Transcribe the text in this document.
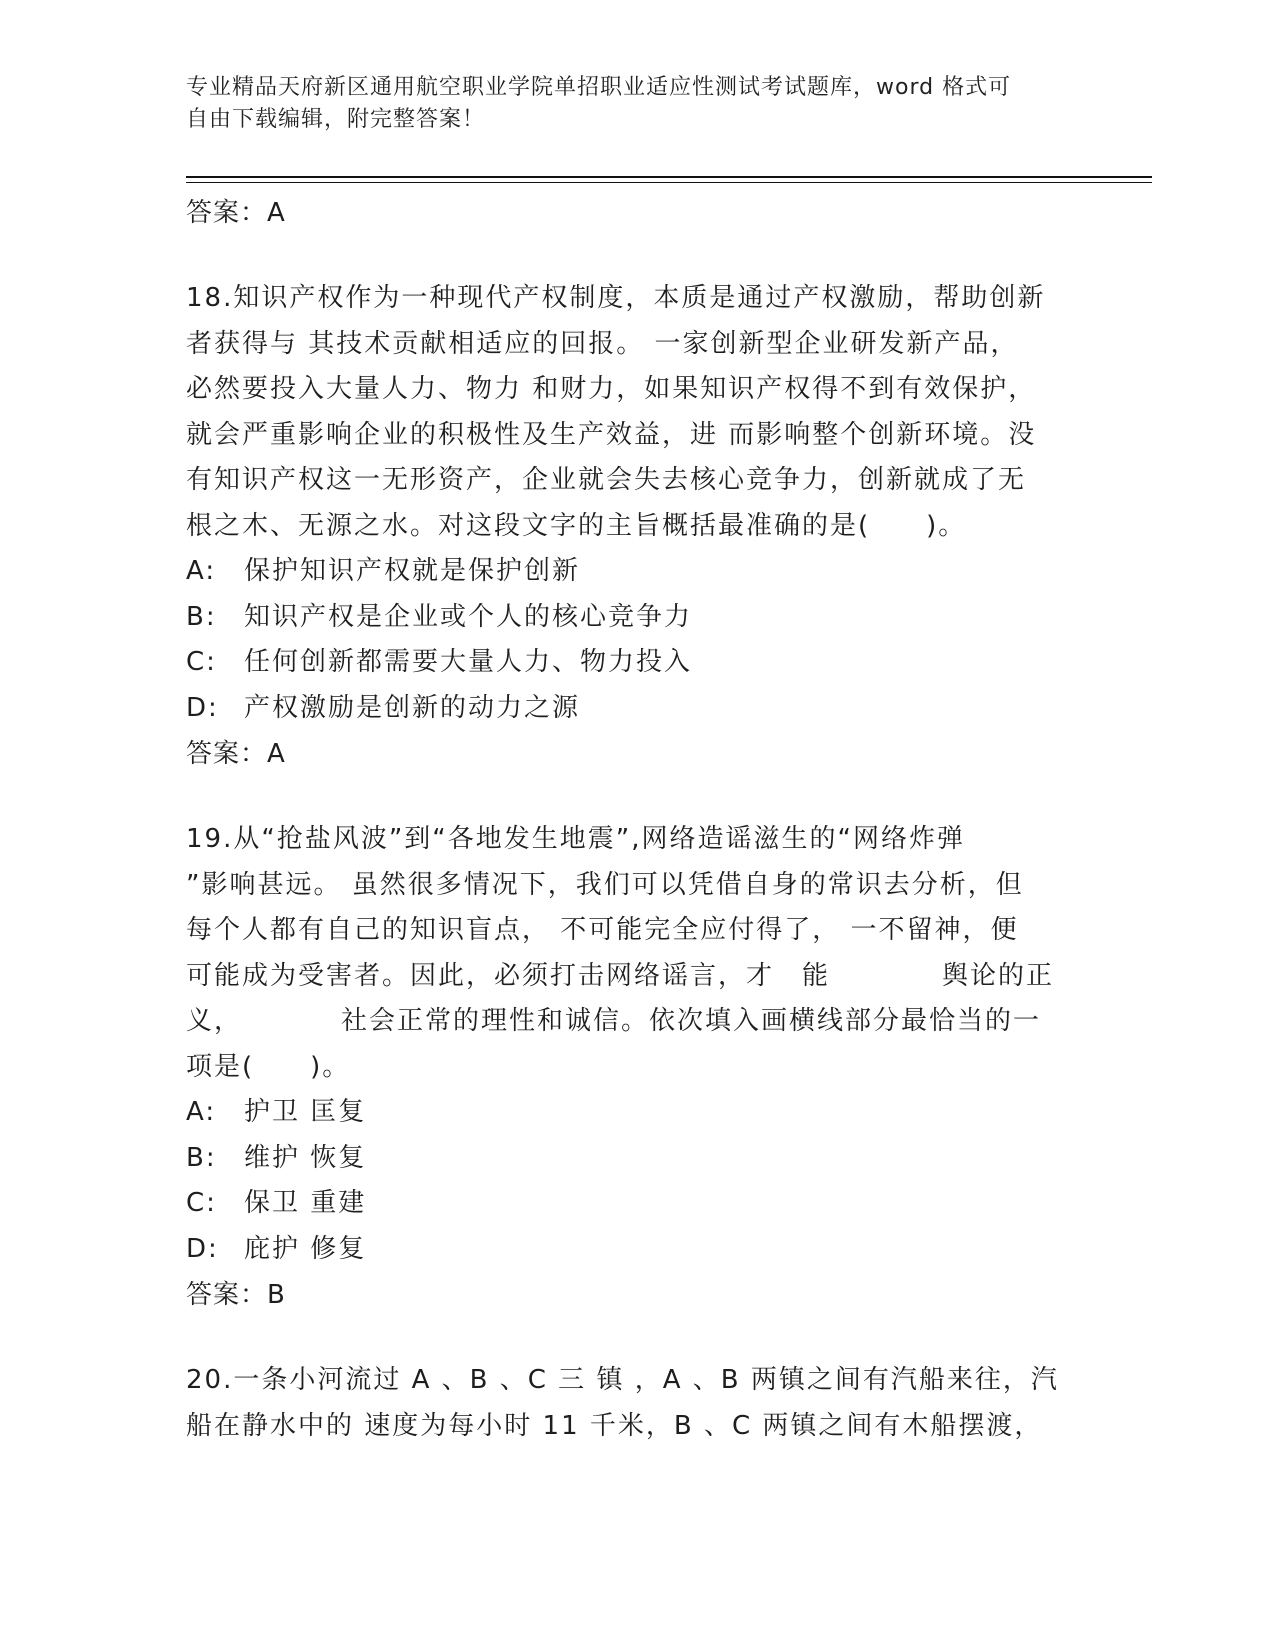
专业精品天府新区通用航空职业学院单招职业适应性测试考试题库，word 格式可
自由下载编辑，附完整答案！
答案：A
18.知识产权作为一种现代产权制度，本质是通过产权激励，帮助创新
者获得与 其技术贡献相适应的回报。 一家创新型企业研发新产品，
必然要投入大量人力、物力 和财力，如果知识产权得不到有效保护，
就会严重影响企业的积极性及生产效益，进 而影响整个创新环境。没
有知识产权这一无形资产，企业就会失去核心竞争力，创新就成了无
根之木、无源之水。对这段文字的主旨概括最准确的是(　　)。
A:	保护知识产权就是保护创新
B:	知识产权是企业或个人的核心竞争力
C:	任何创新都需要大量人力、物力投入
D: 产权激励是创新的动力之源
答案：A
19.从“抢盐风波”到“各地发生地震”,网络造谣滋生的“网络炸弹
”影响甚远。 虽然很多情况下，我们可以凭借自身的常识去分析，但
每个人都有自己的知识盲点， 不可能完全应付得了， 一不留神，便
可能成为受害者。因此，必须打击网络谣言，才　能　　　　舆论的正
义，　　　　社会正常的理性和诚信。依次填入画横线部分最恰当的一
项是(　　)。
A:	护卫 匡复
B:	维护 恢复
C:	保卫 重建
D: 庇护 修复
答案：B
20.一条小河流过 A 、B 、C 三 镇 ，A 、B 两镇之间有汽船来往，汽
船在静水中的 速度为每小时 11 千米，B 、C 两镇之间有木船摆渡，
